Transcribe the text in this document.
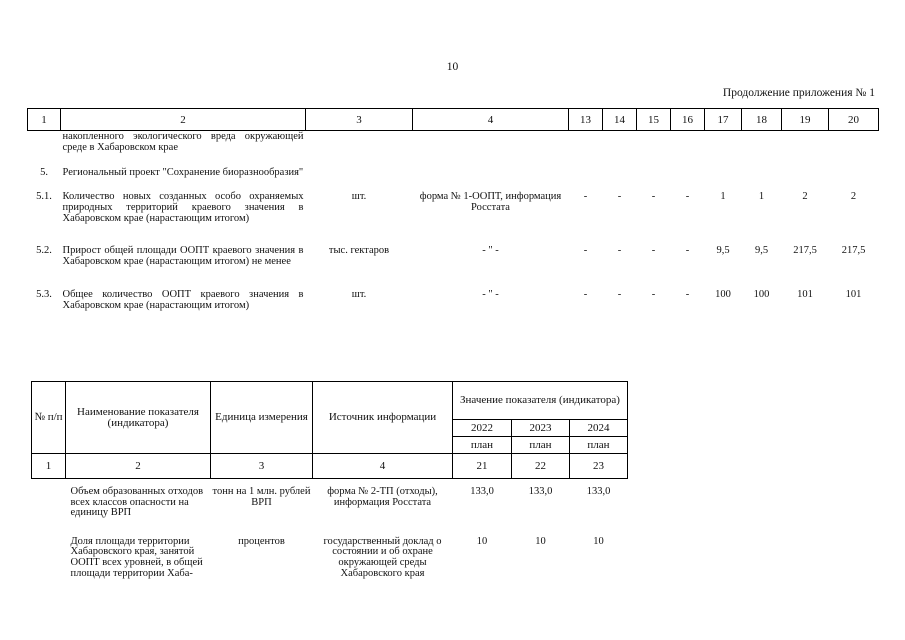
10
Продолжение приложения № 1
1	2	3	4	13	14	15	16	17	18	19	20
	накопленного экологического вреда окружающей среде в Хабаровском крае										
5.	Региональный проект "Сохранение биоразнообразия"										
5.1.	Количество новых созданных особо охраняемых природных территорий краевого значения в Хабаровском крае (нарастающим итогом)	шт.	форма № 1-ООПТ, информация Росстата	-	-	-	-	1	1	2	2
5.2.	Прирост общей площади ООПТ краевого значения в Хабаровском крае (нарастающим итогом) не менее	тыс. гектаров	- " -	-	-	-	-	9,5	9,5	217,5	217,5
5.3.	Общее количество ООПТ краевого значения в Хабаровском крае (нарастающим итогом)	шт.	- " -	-	-	-	-	100	100	101	101
№ п/п	Наименование показателя (индикатора)	Единица измерения	Источник информации	Значение показателя (индикатора)		
				2022	2023	2024
				план	план	план
1	2	3	4	21	22	23
	Объем образованных отходов всех классов опасности на единицу ВРП	тонн на 1 млн. рублей ВРП	форма № 2-ТП (отходы), информация Росстата	133,0	133,0	133,0
	Доля площади территории Хабаровского края, занятой ООПТ всех уровней, в общей площади территории Хаба-	процентов	государственный доклад о состоянии и об охране окружающей среды Хабаровского края	10	10	10
